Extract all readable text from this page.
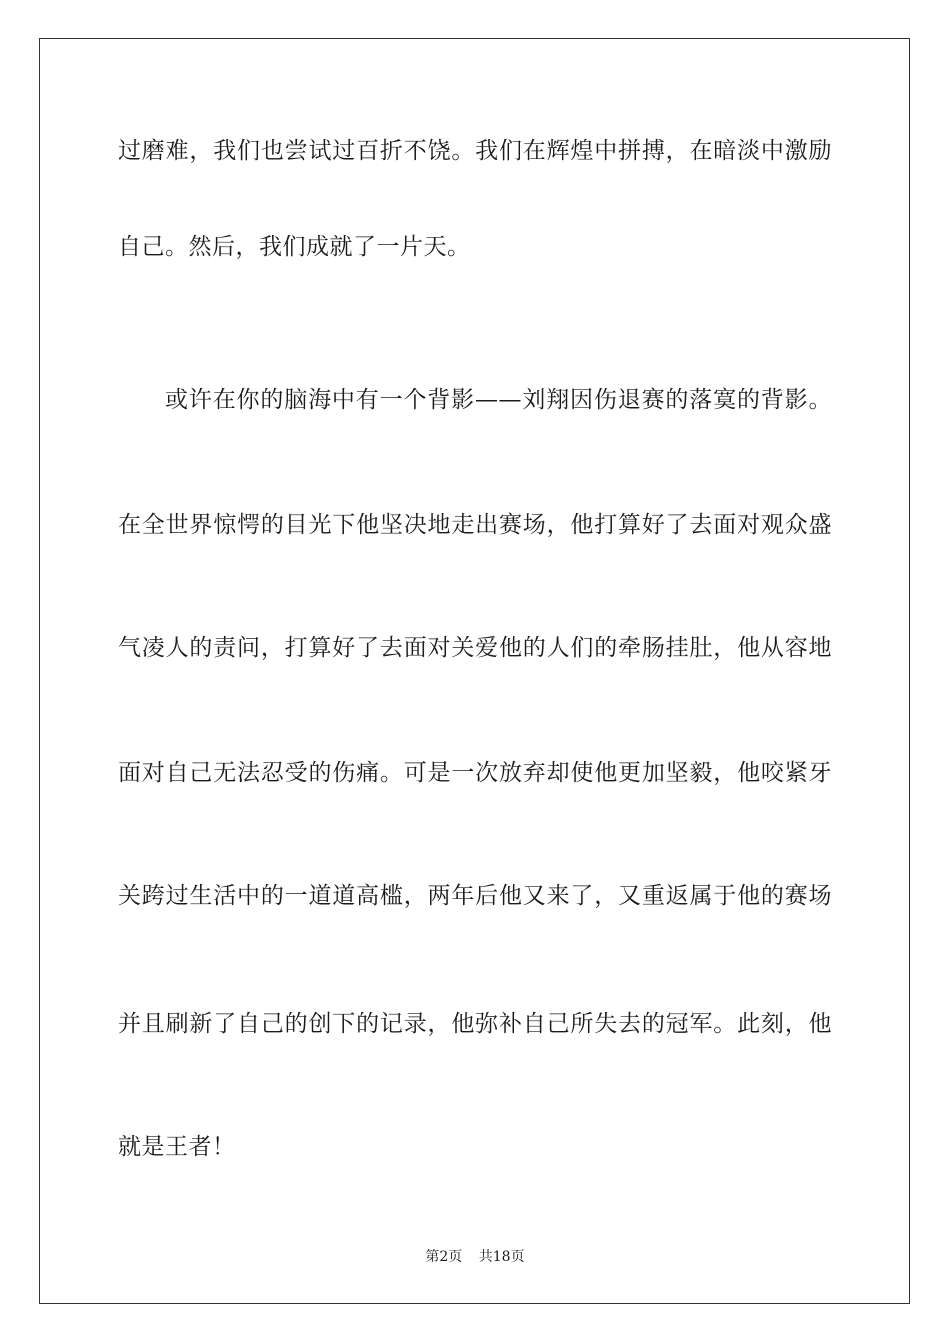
过磨难，我们也尝试过百折不饶。我们在辉煌中拼搏，在暗淡中激励
自己。然后，我们成就了一片天。
或许在你的脑海中有一个背影——刘翔因伤退赛的落寞的背影。
在全世界惊愕的目光下他坚决地走出赛场，他打算好了去面对观众盛
气凌人的责问，打算好了去面对关爱他的人们的牵肠挂肚，他从容地
面对自己无法忍受的伤痛。可是一次放弃却使他更加坚毅，他咬紧牙
关跨过生活中的一道道高槛，两年后他又来了，又重返属于他的赛场
并且刷新了自己的创下的记录，他弥补自己所失去的冠军。此刻，他
就是王者！
第2页 共18页
